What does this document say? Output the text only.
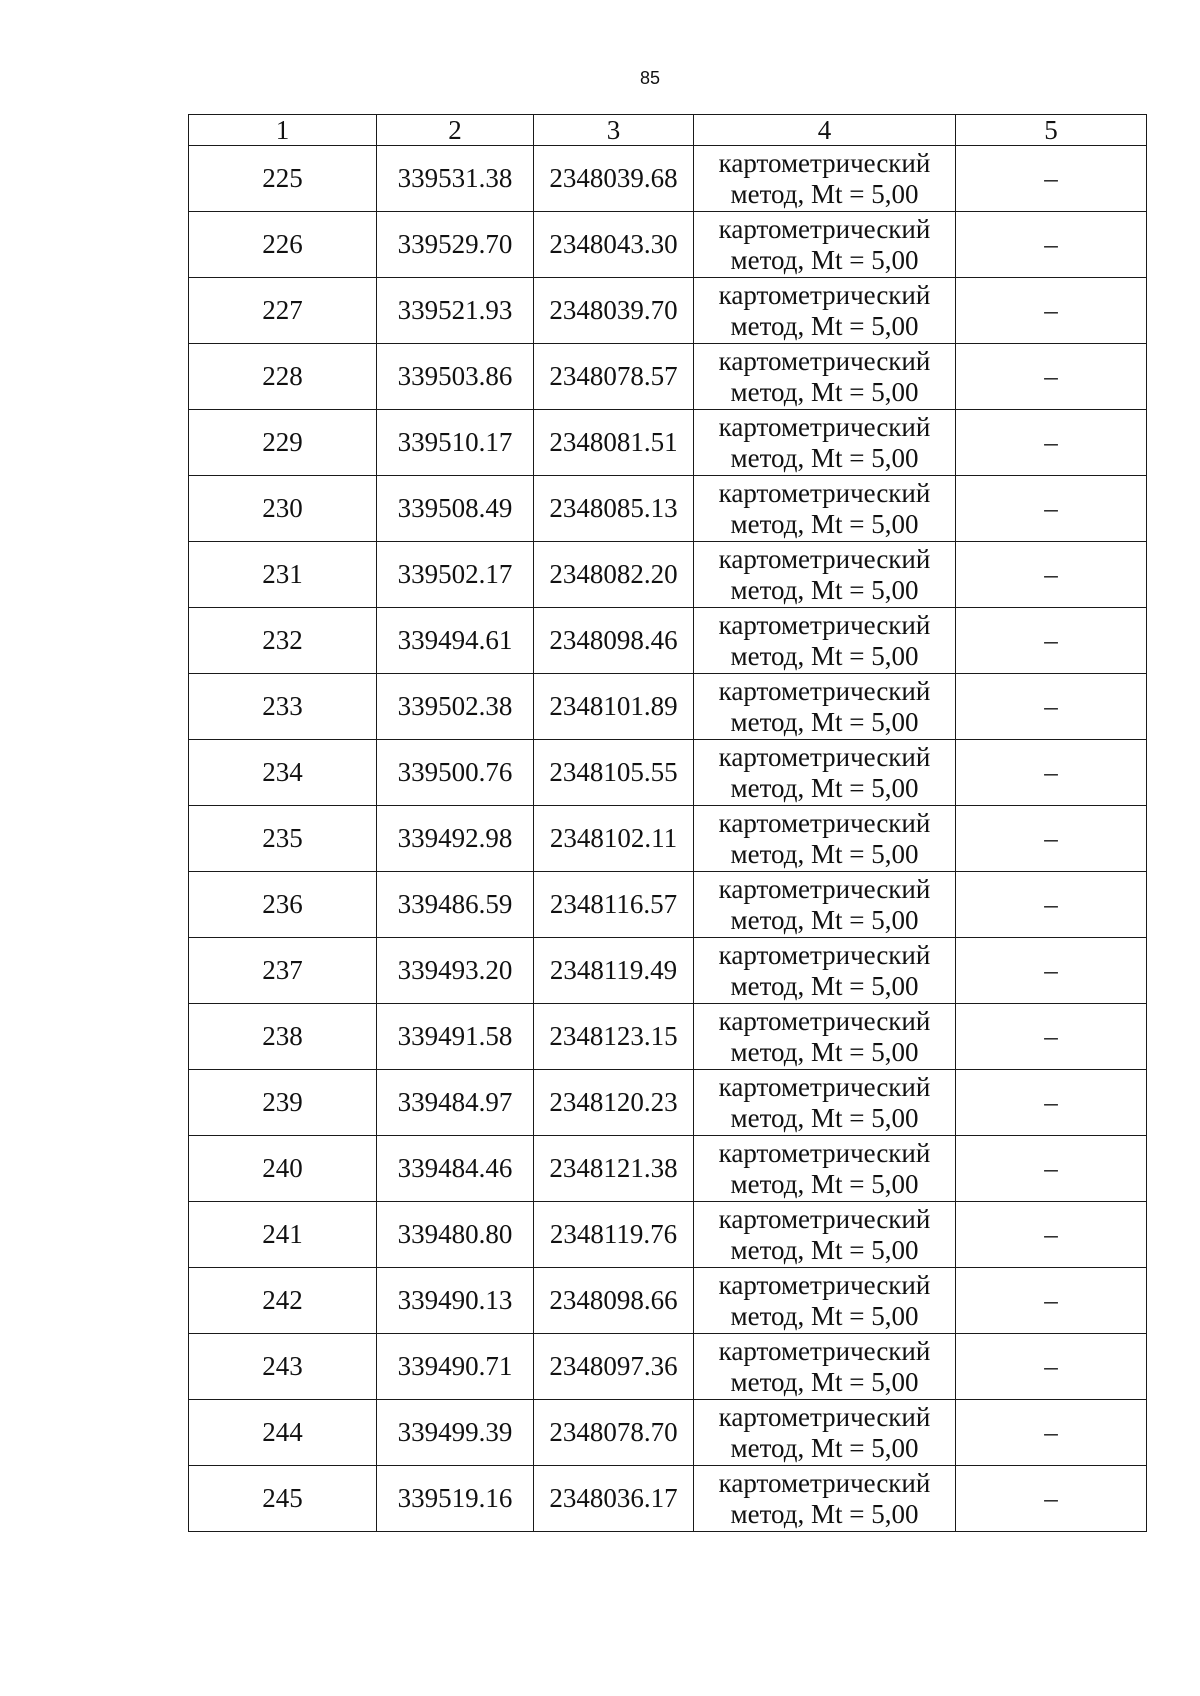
85
1	2	3	4	5
225	339531.38	2348039.68	картометрический
метод, Mt = 5,00	–
226	339529.70	2348043.30	картометрический
метод, Mt = 5,00	–
227	339521.93	2348039.70	картометрический
метод, Mt = 5,00	–
228	339503.86	2348078.57	картометрический
метод, Mt = 5,00	–
229	339510.17	2348081.51	картометрический
метод, Mt = 5,00	–
230	339508.49	2348085.13	картометрический
метод, Mt = 5,00	–
231	339502.17	2348082.20	картометрический
метод, Mt = 5,00	–
232	339494.61	2348098.46	картометрический
метод, Mt = 5,00	–
233	339502.38	2348101.89	картометрический
метод, Mt = 5,00	–
234	339500.76	2348105.55	картометрический
метод, Mt = 5,00	–
235	339492.98	2348102.11	картометрический
метод, Mt = 5,00	–
236	339486.59	2348116.57	картометрический
метод, Mt = 5,00	–
237	339493.20	2348119.49	картометрический
метод, Mt = 5,00	–
238	339491.58	2348123.15	картометрический
метод, Mt = 5,00	–
239	339484.97	2348120.23	картометрический
метод, Mt = 5,00	–
240	339484.46	2348121.38	картометрический
метод, Mt = 5,00	–
241	339480.80	2348119.76	картометрический
метод, Mt = 5,00	–
242	339490.13	2348098.66	картометрический
метод, Mt = 5,00	–
243	339490.71	2348097.36	картометрический
метод, Mt = 5,00	–
244	339499.39	2348078.70	картометрический
метод, Mt = 5,00	–
245	339519.16	2348036.17	картометрический
метод, Mt = 5,00	–
